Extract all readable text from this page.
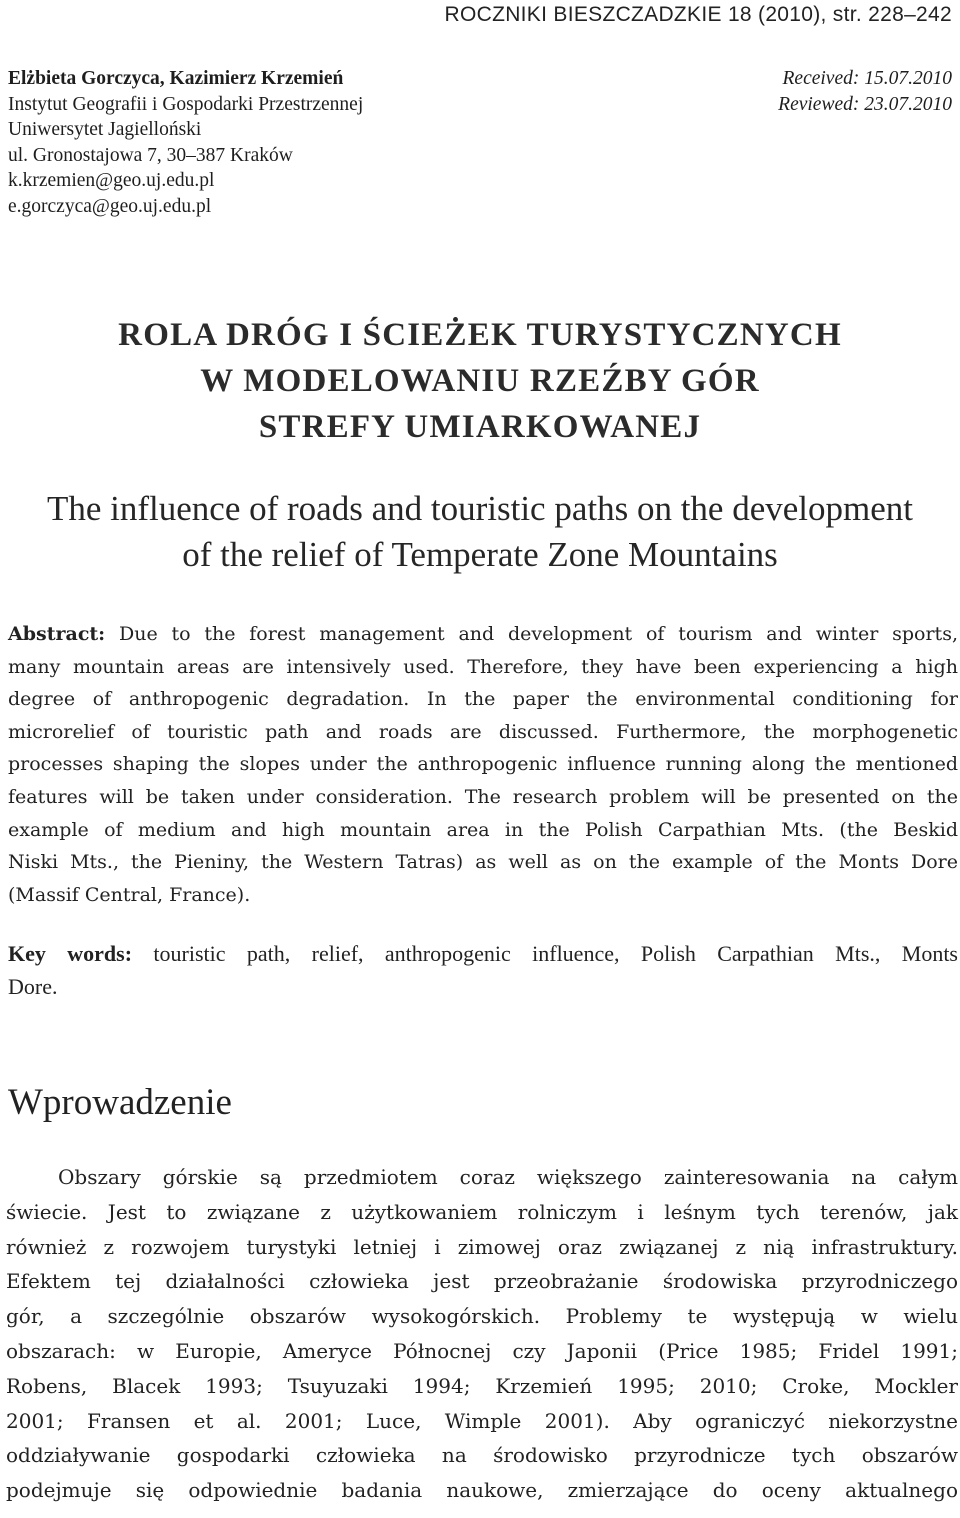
ROCZNIKI BIESZCZADZKIE 18 (2010), str. 228–242
Elżbieta Gorczyca, Kazimierz Krzemień
Instytut Geografii i Gospodarki Przestrzennej
Uniwersytet Jagielloński
ul. Gronostajowa 7, 30–387 Kraków
k.krzemien@geo.uj.edu.pl
e.gorczyca@geo.uj.edu.pl
Received: 15.07.2010
Reviewed: 23.07.2010
ROLA DRÓG I ŚCIEŻEK TURYSTYCZNYCH
W MODELOWANIU RZEŹBY GÓR
STREFY UMIARKOWANEJ
The influence of roads and touristic paths on the development
of the relief of Temperate Zone Mountains
Abstract: Due to the forest management and development of tourism and winter sports,
many mountain areas are intensively used. Therefore, they have been experiencing a high
degree of anthropogenic degradation. In the paper the environmental conditioning for
microrelief of touristic path and roads are discussed. Furthermore, the morphogenetic
processes shaping the slopes under the anthropogenic influence running along the mentioned
features will be taken under consideration. The research problem will be presented on the
example of medium and high mountain area in the Polish Carpathian Mts. (the Beskid
Niski Mts., the Pieniny, the Western Tatras) as well as on the example of the Monts Dore
(Massif Central, France).
Key words: touristic path, relief, anthropogenic influence, Polish Carpathian Mts., Monts
Dore.
Wprowadzenie
Obszary górskie są przedmiotem coraz większego zainteresowania na całym
świecie. Jest to związane z użytkowaniem rolniczym i leśnym tych terenów, jak
również z rozwojem turystyki letniej i zimowej oraz związanej z nią infrastruktury.
Efektem tej działalności człowieka jest przeobrażanie środowiska przyrodniczego
gór, a szczególnie obszarów wysokogórskich. Problemy te występują w wielu
obszarach: w Europie, Ameryce Północnej czy Japonii (Price 1985; Fridel 1991;
Robens, Blacek 1993; Tsuyuzaki 1994; Krzemień 1995; 2010; Croke, Mockler
2001; Fransen et al. 2001; Luce, Wimple 2001). Aby ograniczyć niekorzystne
oddziaływanie gospodarki człowieka na środowisko przyrodnicze tych obszarów
podejmuje się odpowiednie badania naukowe, zmierzające do oceny aktualnego
